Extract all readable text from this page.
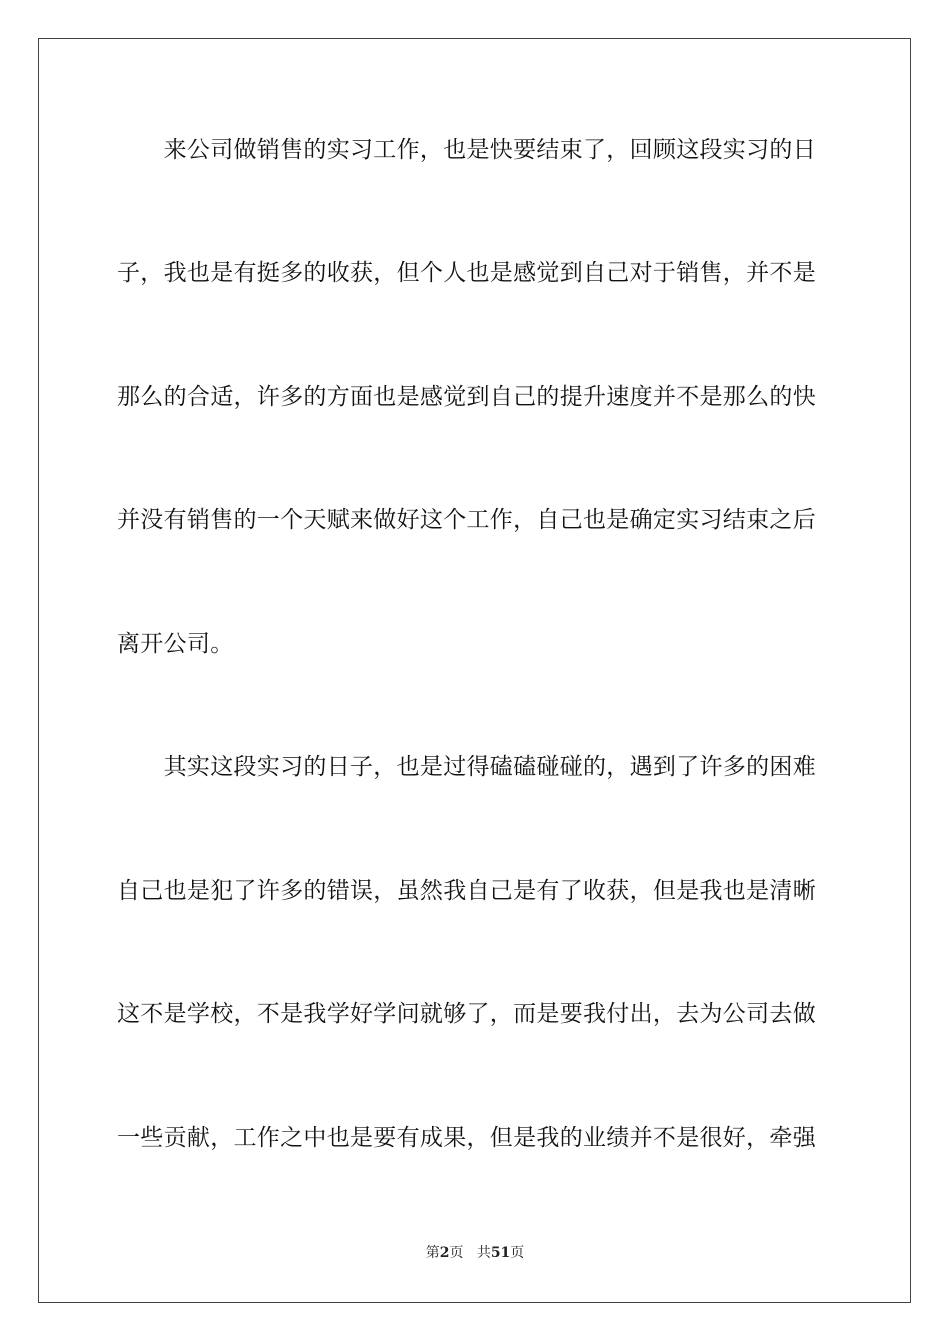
　　来公司做销售的实习工作，也是快要结束了，回顾这段实习的日
子，我也是有挺多的收获，但个人也是感觉到自己对于销售，并不是
那么的合适，许多的方面也是感觉到自己的提升速度并不是那么的快
并没有销售的一个天赋来做好这个工作，自己也是确定实习结束之后
离开公司。
　　其实这段实习的日子，也是过得磕磕碰碰的，遇到了许多的困难
自己也是犯了许多的错误，虽然我自己是有了收获，但是我也是清晰
这不是学校，不是我学好学问就够了，而是要我付出，去为公司去做
一些贡献，工作之中也是要有成果，但是我的业绩并不是很好，牵强
第2页 共51页
